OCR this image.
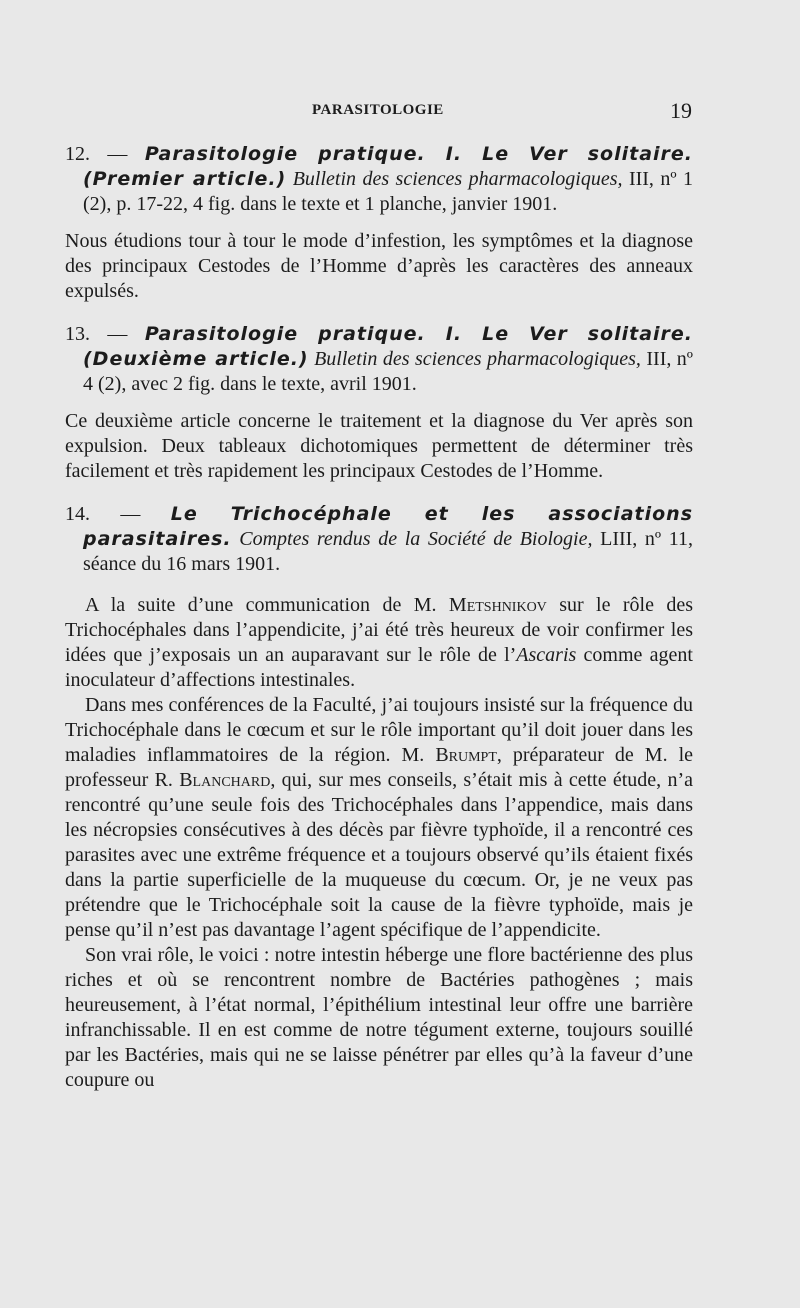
PARASITOLOGIE	19

12. — Parasitologie pratique. I. Le Ver solitaire. (Premier article.) Bulletin des sciences pharmacologiques, III, nº 1 (2), p. 17-22, 4 fig. dans le texte et 1 planche, janvier 1901.

Nous étudions tour à tour le mode d’infestion, les symptômes et la diagnose des principaux Cestodes de l’Homme d’après les caractères des anneaux expulsés.

13. — Parasitologie pratique. I. Le Ver solitaire. (Deuxième article.) Bulletin des sciences pharmacologiques, III, nº 4 (2), avec 2 fig. dans le texte, avril 1901.

Ce deuxième article concerne le traitement et la diagnose du Ver après son expulsion. Deux tableaux dichotomiques permettent de déterminer très facilement et très rapidement les principaux Cestodes de l’Homme.

14. — Le Trichocéphale et les associations parasitaires. Comptes rendus de la Société de Biologie, LIII, nº 11, séance du 16 mars 1901.

A la suite d’une communication de M. Metshnikov sur le rôle des Trichocéphales dans l’appendicite, j’ai été très heureux de voir confirmer les idées que j’exposais un an auparavant sur le rôle de l’Ascaris comme agent inoculateur d’affections intestinales.

Dans mes conférences de la Faculté, j’ai toujours insisté sur la fréquence du Trichocéphale dans le cœcum et sur le rôle important qu’il doit jouer dans les maladies inflammatoires de la région. M. Brumpt, préparateur de M. le professeur R. Blanchard, qui, sur mes conseils, s’était mis à cette étude, n’a rencontré qu’une seule fois des Trichocéphales dans l’appendice, mais dans les nécropsies consécutives à des décès par fièvre typhoïde, il a rencontré ces parasites avec une extrême fréquence et a toujours observé qu’ils étaient fixés dans la partie superficielle de la muqueuse du cœcum. Or, je ne veux pas prétendre que le Trichocéphale soit la cause de la fièvre typhoïde, mais je pense qu’il n’est pas davantage l’agent spécifique de l’appendicite.

Son vrai rôle, le voici : notre intestin héberge une flore bactérienne des plus riches et où se rencontrent nombre de Bactéries pathogènes ; mais heureusement, à l’état normal, l’épithélium intestinal leur offre une barrière infranchissable. Il en est comme de notre tégument externe, toujours souillé par les Bactéries, mais qui ne se laisse pénétrer par elles qu’à la faveur d’une coupure ou
